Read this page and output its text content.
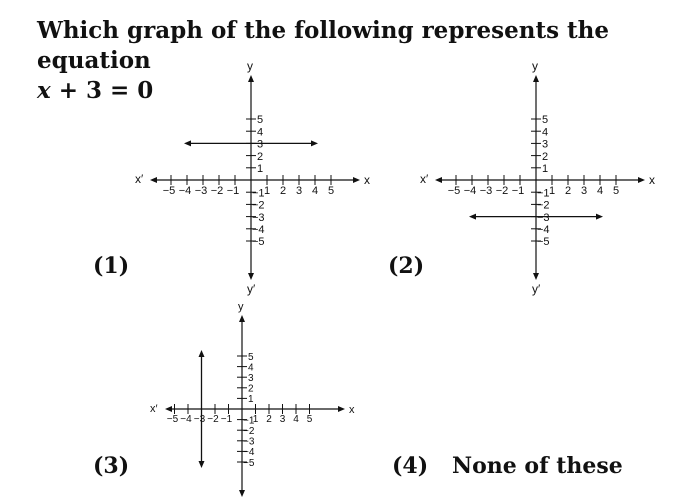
Which graph of the following represents the equation
x + 3 = 0

x
x′
y
y′
1
−1
1
−1 2
−2
2
−2
3
−3
3
−3
4
−4
4
−4
5
−5
5
−5
x
x′
y
y′
1
−1
1
−1 2
−2
2
−2
3
−3
3
−3
4
−4
4
−4
5
−5
5
−5
x
x′
y
1
−1
1
−1 2
−2
2
−2
3
−3
3
−3
4
−4
4
−4
5
−5
5
−5
(1)	(2)
(3)	(4) None of these
